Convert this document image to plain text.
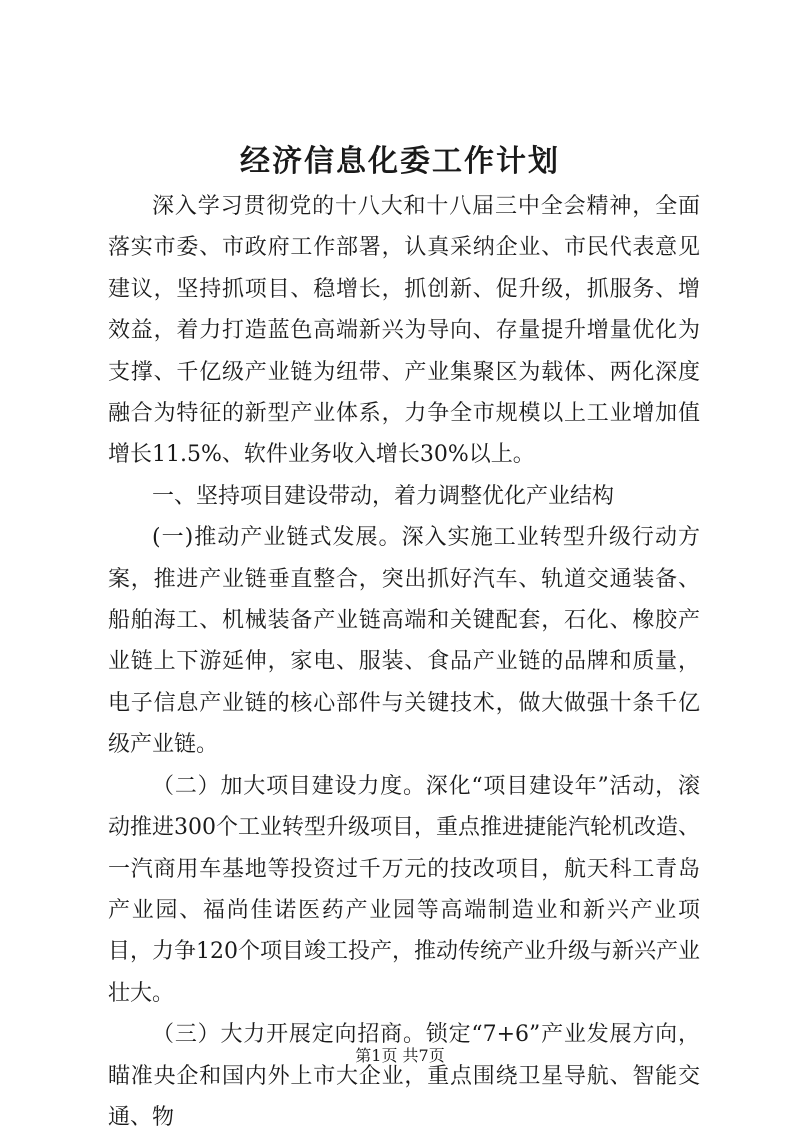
经济信息化委工作计划

深入学习贯彻党的十八大和十八届三中全会精神，全面落实市委、市政府工作部署，认真采纳企业、市民代表意见建议，坚持抓项目、稳增长，抓创新、促升级，抓服务、增效益，着力打造蓝色高端新兴为导向、存量提升增量优化为支撑、千亿级产业链为纽带、产业集聚区为载体、两化深度融合为特征的新型产业体系，力争全市规模以上工业增加值增长11.5%、软件业务收入增长30%以上。

一、坚持项目建设带动，着力调整优化产业结构

(一)推动产业链式发展。深入实施工业转型升级行动方案，推进产业链垂直整合，突出抓好汽车、轨道交通装备、船舶海工、机械装备产业链高端和关键配套，石化、橡胶产业链上下游延伸，家电、服装、食品产业链的品牌和质量，电子信息产业链的核心部件与关键技术，做大做强十条千亿级产业链。

（二）加大项目建设力度。深化“项目建设年”活动，滚动推进300个工业转型升级项目，重点推进捷能汽轮机改造、一汽商用车基地等投资过千万元的技改项目，航天科工青岛产业园、福尚佳诺医药产业园等高端制造业和新兴产业项目，力争120个项目竣工投产，推动传统产业升级与新兴产业壮大。

（三）大力开展定向招商。锁定“7+6”产业发展方向，瞄准央企和国内外上市大企业，重点围绕卫星导航、智能交通、物

第1页 共7页
